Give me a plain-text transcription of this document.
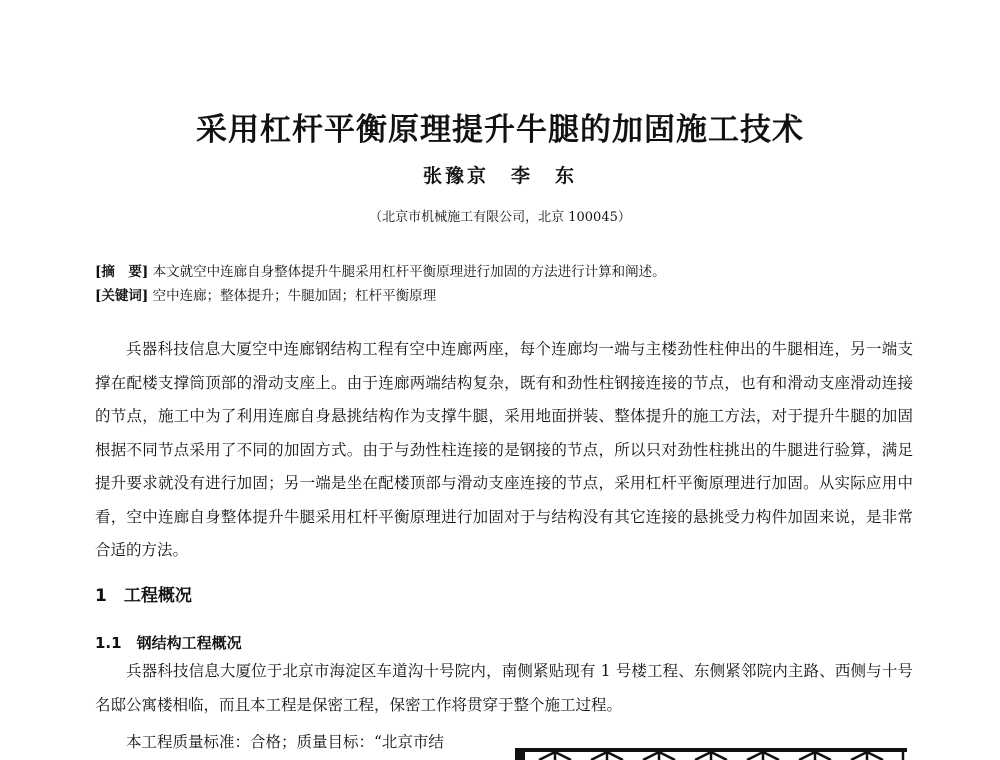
采用杠杆平衡原理提升牛腿的加固施工技术
张豫京　李　东
（北京市机械施工有限公司，北京 100045）
[摘　要] 本文就空中连廊自身整体提升牛腿采用杠杆平衡原理进行加固的方法进行计算和阐述。
[关键词] 空中连廊；整体提升；牛腿加固；杠杆平衡原理

兵器科技信息大厦空中连廊钢结构工程有空中连廊两座，每个连廊均一端与主楼劲性柱伸出的牛腿相连，另一端支撑在配楼支撑筒顶部的滑动支座上。由于连廊两端结构复杂，既有和劲性柱钢接连接的节点，也有和滑动支座滑动连接的节点，施工中为了利用连廊自身悬挑结构作为支撑牛腿，采用地面拼装、整体提升的施工方法，对于提升牛腿的加固根据不同节点采用了不同的加固方式。由于与劲性柱连接的是钢接的节点，所以只对劲性柱挑出的牛腿进行验算，满足提升要求就没有进行加固；另一端是坐在配楼顶部与滑动支座连接的节点，采用杠杆平衡原理进行加固。从实际应用中看，空中连廊自身整体提升牛腿采用杠杆平衡原理进行加固对于与结构没有其它连接的悬挑受力构件加固来说，是非常合适的方法。

1　工程概况
1.1　钢结构工程概况

兵器科技信息大厦位于北京市海淀区车道沟十号院内，南侧紧贴现有 1 号楼工程、东侧紧邻院内主路、西侧与十号名邸公寓楼相临，而且本工程是保密工程，保密工作将贯穿于整个施工过程。

本工程质量标准：合格；质量目标：“北京市结
